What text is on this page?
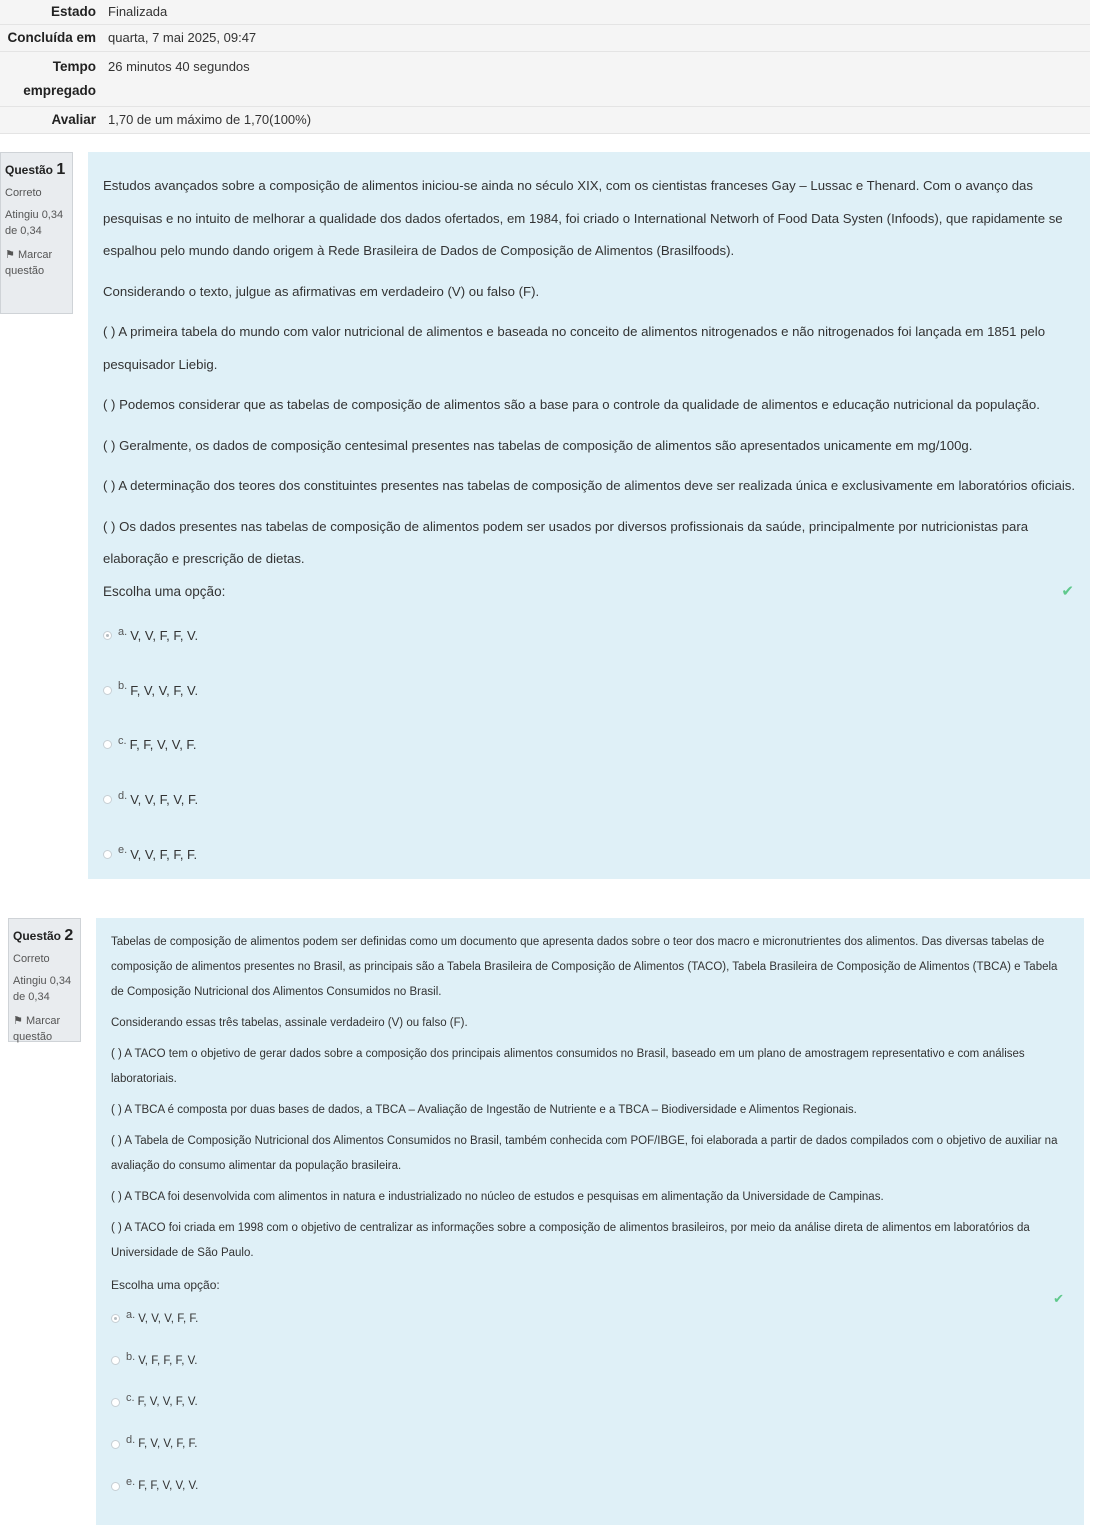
Estado Finalizada
Concluída em quarta, 7 mai 2025, 09:47
Tempo
empregado
26 minutos 40 segundos
Avaliar 1,70 de um máximo de 1,70(100%)
Questão 1
Correto
Atingiu 0,34 de 0,34
⚑ Marcar questão

Estudos avançados sobre a composição de alimentos iniciou-se ainda no século XIX, com os cientistas franceses Gay – Lussac e Thenard. Com o avanço das pesquisas e no intuito de melhorar a qualidade dos dados ofertados, em 1984, foi criado o International Networh of Food Data Systen (Infoods), que rapidamente se espalhou pelo mundo dando origem à Rede Brasileira de Dados de Composição de Alimentos (Brasilfoods).

Considerando o texto, julgue as afirmativas em verdadeiro (V) ou falso (F).

( ) A primeira tabela do mundo com valor nutricional de alimentos e baseada no conceito de alimentos nitrogenados e não nitrogenados foi lançada em 1851 pelo pesquisador Liebig.

( ) Podemos considerar que as tabelas de composição de alimentos são a base para o controle da qualidade de alimentos e educação nutricional da população.

( ) Geralmente, os dados de composição centesimal presentes nas tabelas de composição de alimentos são apresentados unicamente em mg/100g.

( ) A determinação dos teores dos constituintes presentes nas tabelas de composição de alimentos deve ser realizada única e exclusivamente em laboratórios oficiais.

( ) Os dados presentes nas tabelas de composição de alimentos podem ser usados por diversos profissionais da saúde, principalmente por nutricionistas para elaboração e prescrição de dietas.

Escolha uma opção:
a. V, V, F, F, V.
b. F, V, V, F, V.
c. F, F, V, V, F.
d. V, V, F, V, F.
e. V, V, F, F, F.
✔
Questão 2
Correto
Atingiu 0,34 de 0,34
⚑ Marcar questão

Tabelas de composição de alimentos podem ser definidas como um documento que apresenta dados sobre o teor dos macro e micronutrientes dos alimentos. Das diversas tabelas de composição de alimentos presentes no Brasil, as principais são a Tabela Brasileira de Composição de Alimentos (TACO), Tabela Brasileira de Composição de Alimentos (TBCA) e Tabela de Composição Nutricional dos Alimentos Consumidos no Brasil.

Considerando essas três tabelas, assinale verdadeiro (V) ou falso (F).

( ) A TACO tem o objetivo de gerar dados sobre a composição dos principais alimentos consumidos no Brasil, baseado em um plano de amostragem representativo e com análises laboratoriais.

( ) A TBCA é composta por duas bases de dados, a TBCA – Avaliação de Ingestão de Nutriente e a TBCA – Biodiversidade e Alimentos Regionais.

( ) A Tabela de Composição Nutricional dos Alimentos Consumidos no Brasil, também conhecida com POF/IBGE, foi elaborada a partir de dados compilados com o objetivo de auxiliar na avaliação do consumo alimentar da população brasileira.

( ) A TBCA foi desenvolvida com alimentos in natura e industrializado no núcleo de estudos e pesquisas em alimentação da Universidade de Campinas.

( ) A TACO foi criada em 1998 com o objetivo de centralizar as informações sobre a composição de alimentos brasileiros, por meio da análise direta de alimentos em laboratórios da Universidade de São Paulo.

Escolha uma opção:
a. V, V, V, F, F.
b. V, F, F, F, V.
c. F, V, V, F, V.
d. F, V, V, F, F.
e. F, F, V, V, V.
✔
